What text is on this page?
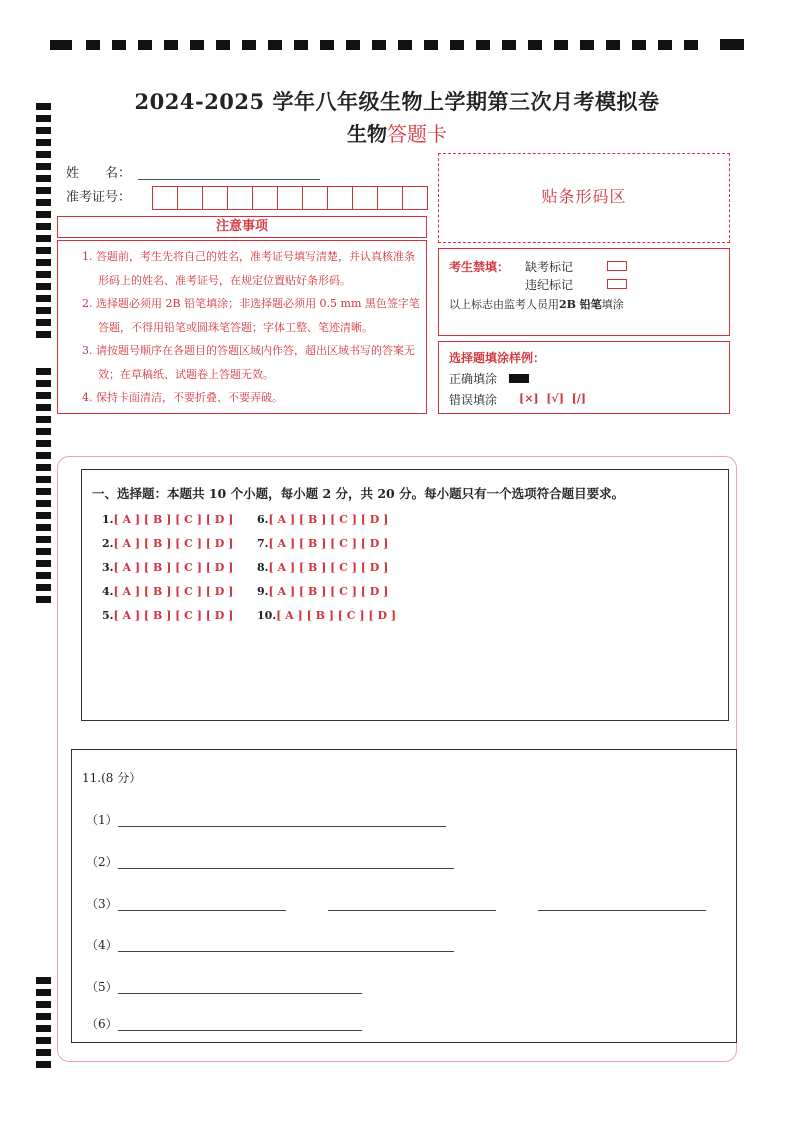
2024-2025 学年八年级生物上学期第三次月考模拟卷
生物答题卡
姓　　名：
准考证号：
注意事项

1. 答题前，考生先将自己的姓名，准考证号填写清楚，并认真核准条形码上的姓名、准考证号，在规定位置贴好条形码。

2. 选择题必须用 2B 铅笔填涂；非选择题必须用 0.5 mm 黑色签字笔答题，不得用铅笔或圆珠笔答题；字体工整、笔迹清晰。

3. 请按题号顺序在各题目的答题区域内作答，超出区域书写的答案无效；在草稿纸、试题卷上答题无效。

4. 保持卡面清洁，不要折叠、不要弄破。

贴条形码区
考生禁填： 缺考标记
违纪标记
以上标志由监考人员用2B 铅笔填涂
选择题填涂样例：
正确填涂
错误填涂 [×]  [√]  [/]
一、选择题：本题共 10 个小题，每小题 2 分，共 20 分。每小题只有一个选项符合题目要求。
1.[ A ] [ B ] [ C ] [ D ]
2.[ A ] [ B ] [ C ] [ D ]
3.[ A ] [ B ] [ C ] [ D ]
4.[ A ] [ B ] [ C ] [ D ]
5.[ A ] [ B ] [ C ] [ D ]
6.[ A ] [ B ] [ C ] [ D ]
7.[ A ] [ B ] [ C ] [ D ]
8.[ A ] [ B ] [ C ] [ D ]
9.[ A ] [ B ] [ C ] [ D ]
10.[ A ] [ B ] [ C ] [ D ]
11.(8 分）
（1）
（2）
（3）
（4）
（5）
（6）
